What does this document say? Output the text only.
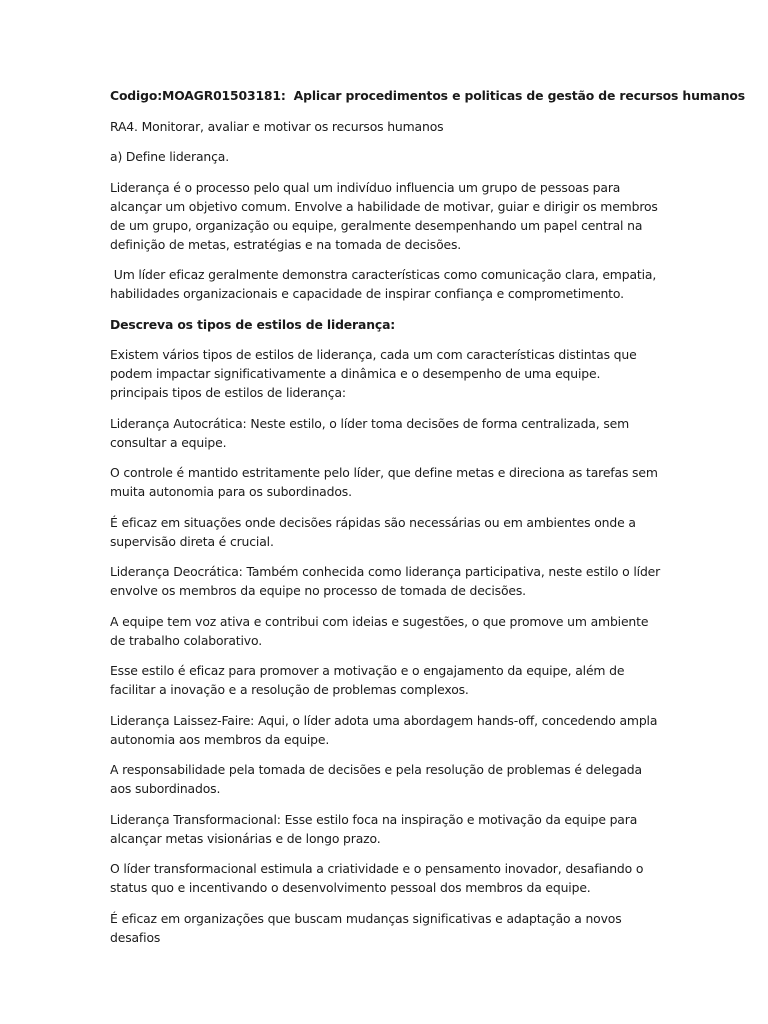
Codigo:MOAGR01503181: Aplicar procedimentos e politicas de gestão de recursos humanos

RA4. Monitorar, avaliar e motivar os recursos humanos

a) Define liderança.

Liderança é o processo pelo qual um indivíduo influencia um grupo de pessoas para alcançar um objetivo comum. Envolve a habilidade de motivar, guiar e dirigir os membros de um grupo, organização ou equipe, geralmente desempenhando um papel central na definição de metas, estratégias e na tomada de decisões.

Um líder eficaz geralmente demonstra características como comunicação clara, empatia, habilidades organizacionais e capacidade de inspirar confiança e comprometimento.

Descreva os tipos de estilos de liderança:

Existem vários tipos de estilos de liderança, cada um com características distintas que podem impactar significativamente a dinâmica e o desempenho de uma equipe. principais tipos de estilos de liderança:

Liderança Autocrática: Neste estilo, o líder toma decisões de forma centralizada, sem consultar a equipe.

O controle é mantido estritamente pelo líder, que define metas e direciona as tarefas sem muita autonomia para os subordinados.

É eficaz em situações onde decisões rápidas são necessárias ou em ambientes onde a supervisão direta é crucial.

Liderança Deocrática: Também conhecida como liderança participativa, neste estilo o líder envolve os membros da equipe no processo de tomada de decisões.

A equipe tem voz ativa e contribui com ideias e sugestões, o que promove um ambiente de trabalho colaborativo.

Esse estilo é eficaz para promover a motivação e o engajamento da equipe, além de facilitar a inovação e a resolução de problemas complexos.

Liderança Laissez-Faire: Aqui, o líder adota uma abordagem hands-off, concedendo ampla autonomia aos membros da equipe.

A responsabilidade pela tomada de decisões e pela resolução de problemas é delegada aos subordinados.

Liderança Transformacional: Esse estilo foca na inspiração e motivação da equipe para alcançar metas visionárias e de longo prazo.

O líder transformacional estimula a criatividade e o pensamento inovador, desafiando o status quo e incentivando o desenvolvimento pessoal dos membros da equipe.

É eficaz em organizações que buscam mudanças significativas e adaptação a novos desafios
